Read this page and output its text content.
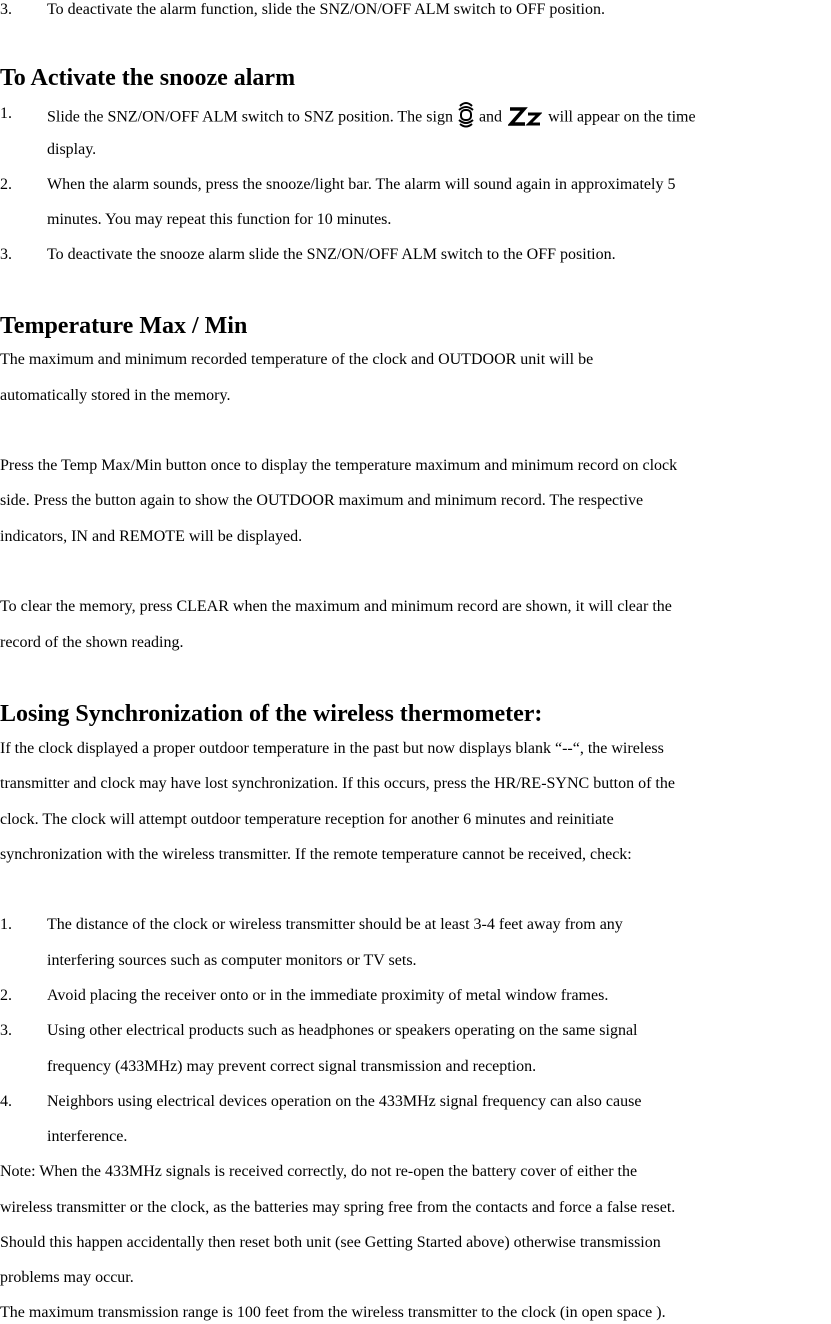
3. To deactivate the alarm function, slide the SNZ/ON/OFF ALM switch to OFF position.
To Activate the snooze alarm
1. Slide the SNZ/ON/OFF ALM switch to SNZ position. The sign and	will appear on the time
display.
2. When the alarm sounds, press the snooze/light bar. The alarm will sound again in approximately 5
minutes. You may repeat this function for 10 minutes.
3. To deactivate the snooze alarm slide the SNZ/ON/OFF ALM switch to the OFF position.
Temperature Max / Min
The maximum and minimum recorded temperature of the clock and OUTDOOR unit will be
automatically stored in the memory.
Press the Temp Max/Min button once to display the temperature maximum and minimum record on clock
side. Press the button again to show the OUTDOOR maximum and minimum record. The respective
indicators, IN and REMOTE will be displayed.
To clear the memory, press CLEAR when the maximum and minimum record are shown, it will clear the
record of the shown reading.
Losing Synchronization of the wireless thermometer:
If the clock displayed a proper outdoor temperature in the past but now displays blank “--“, the wireless
transmitter and clock may have lost synchronization. If this occurs, press the HR/RE-SYNC button of the
clock. The clock will attempt outdoor temperature reception for another 6 minutes and reinitiate
synchronization with the wireless transmitter. If the remote temperature cannot be received, check:
1. The distance of the clock or wireless transmitter should be at least 3-4 feet away from any
interfering sources such as computer monitors or TV sets.
2. Avoid placing the receiver onto or in the immediate proximity of metal window frames.
3. Using other electrical products such as headphones or speakers operating on the same signal
frequency (433MHz) may prevent correct signal transmission and reception.
4. Neighbors using electrical devices operation on the 433MHz signal frequency can also cause
interference.
Note: When the 433MHz signals is received correctly, do not re-open the battery cover of either the
wireless transmitter or the clock, as the batteries may spring free from the contacts and force a false reset.
Should this happen accidentally then reset both unit (see Getting Started above) otherwise transmission
problems may occur.
The maximum transmission range is 100 feet from the wireless transmitter to the clock (in open space ).
